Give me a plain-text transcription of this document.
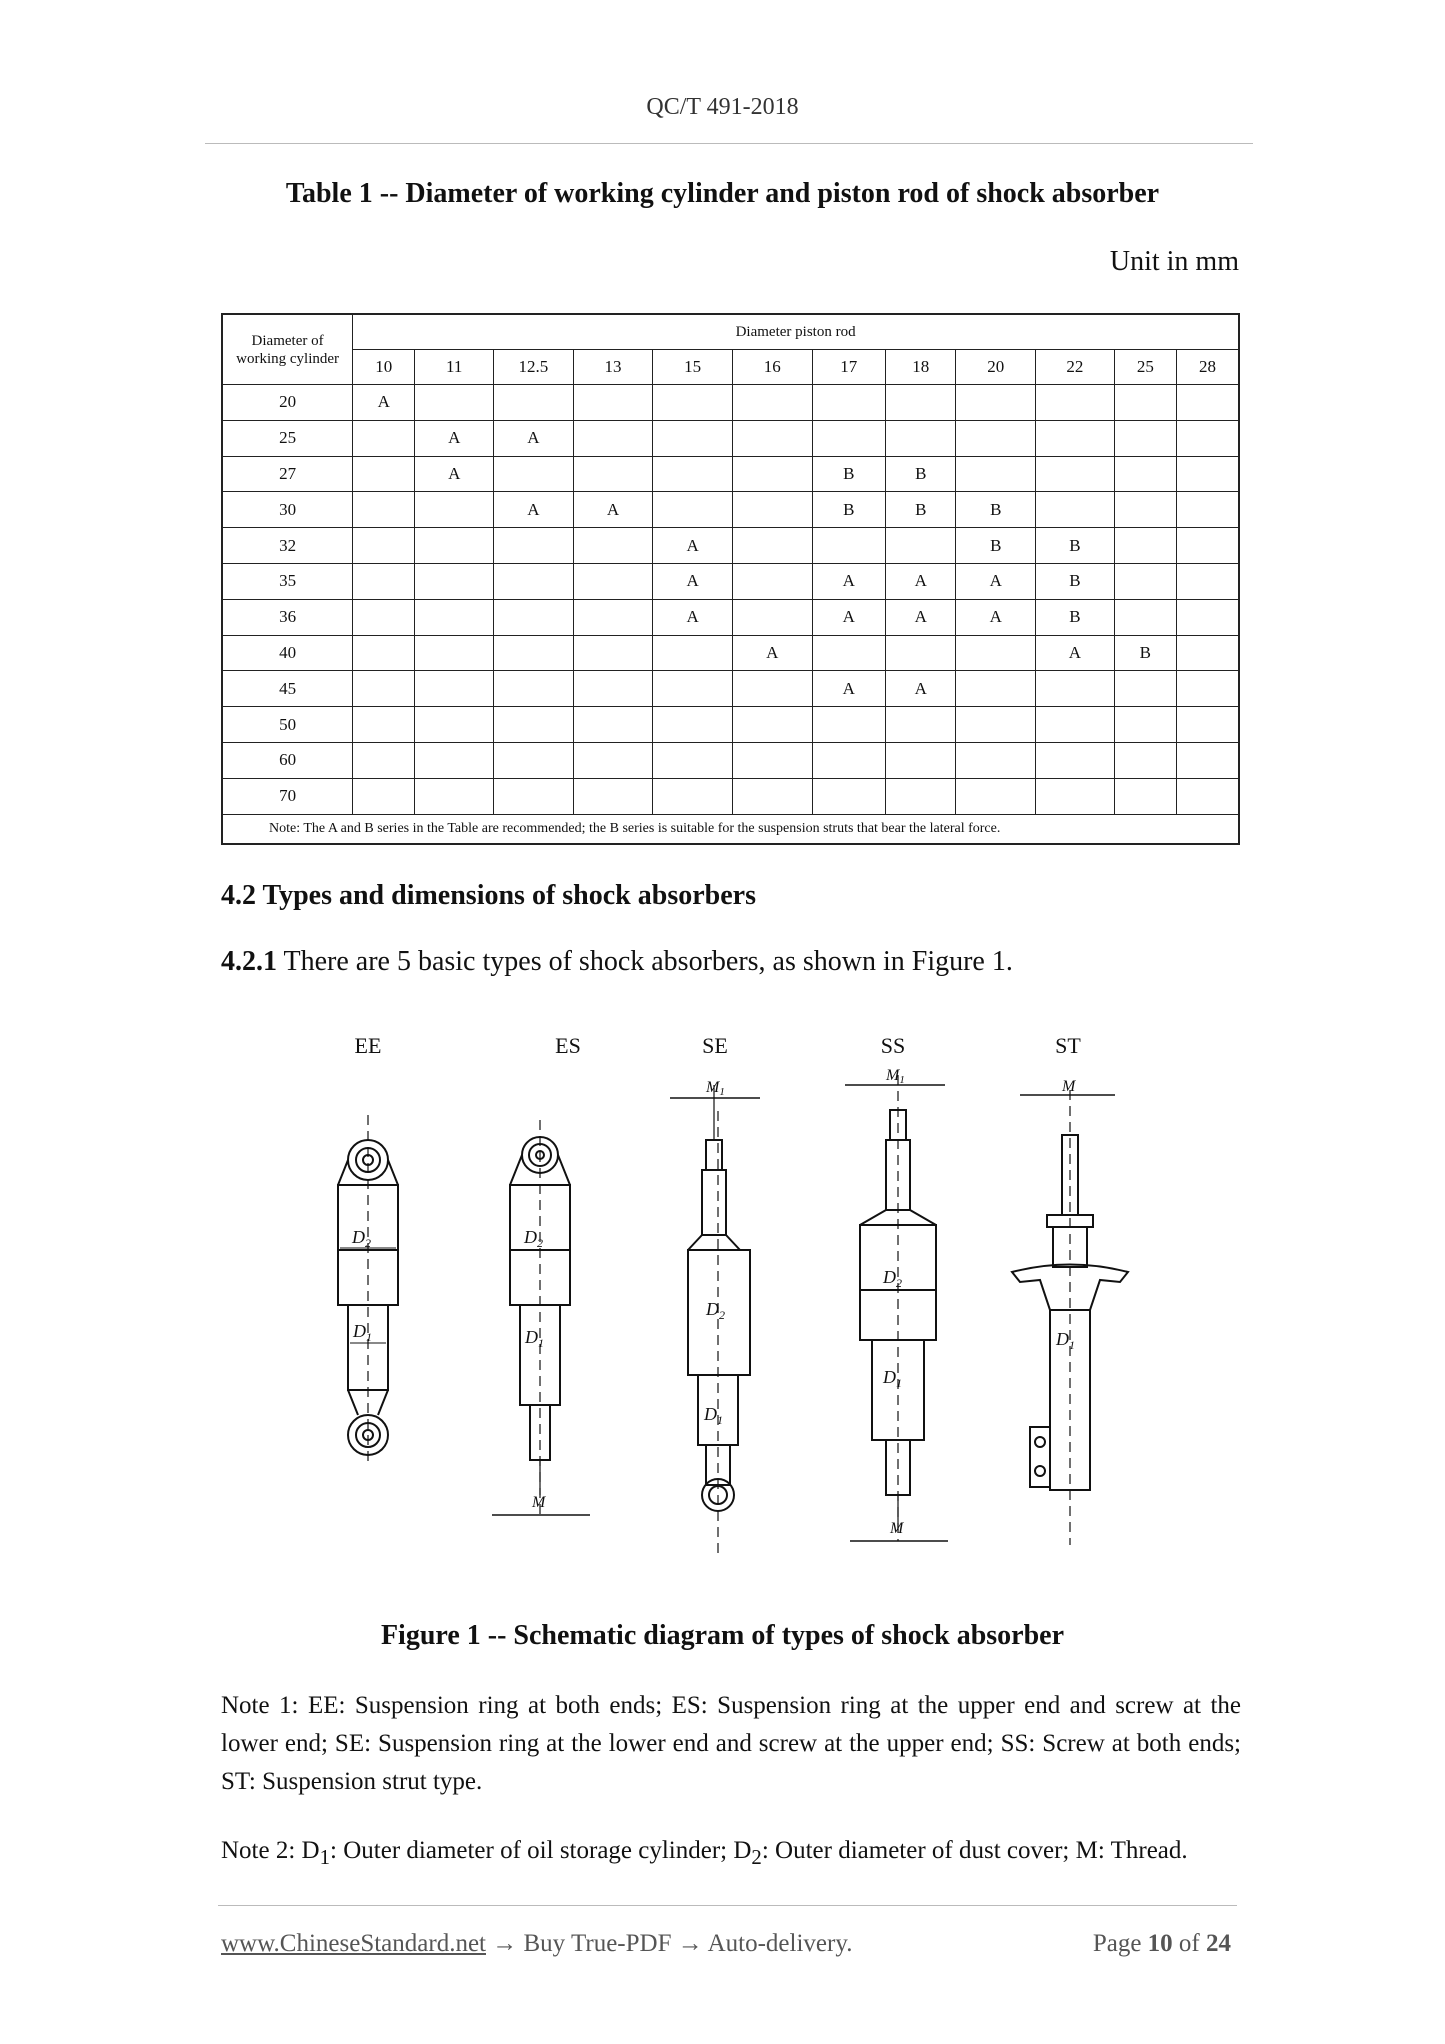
QC/T 491-2018
Table 1 -- Diameter of working cylinder and piston rod of shock absorber
Unit in mm
Diameter of
working cylinder	Diameter piston rod											
	10	11	12.5	13	15	16	17	18	20	22	25	28
20	A											
25		A	A									
27		A					B	B				
30			A	A			B	B	B			
32					A				B	B		
35					A		A	A	A	B		
36					A		A	A	A	B		
40						A				A	B	
45							A	A				
50												
60												
70												
Note: The A and B series in the Table are recommended; the B series is suitable for the suspension struts that bear the lateral force.												
4.2 Types and dimensions of shock absorbers
4.2.1 There are 5 basic types of shock absorbers, as shown in Figure 1.
EE	ES	SE	SS	ST
$D_2$
$D_1$
$D_2$
$D_1$
M
M1
$D_2$
$D_1$
M1
$D_2$
$D_1$
M
M
$D_1$
Figure 1 -- Schematic diagram of types of shock absorber
Note 1: EE: Suspension ring at both ends; ES: Suspension ring at the upper end and screw at the lower end; SE: Suspension ring at the lower end and screw at the upper end; SS: Screw at both ends; ST: Suspension strut type.
Note 2: $D_1$: Outer diameter of oil storage cylinder; $D_2$: Outer diameter of dust cover; M: Thread.
www.ChineseStandard.net → Buy True-PDF → Auto-delivery.	Page 10 of 24
